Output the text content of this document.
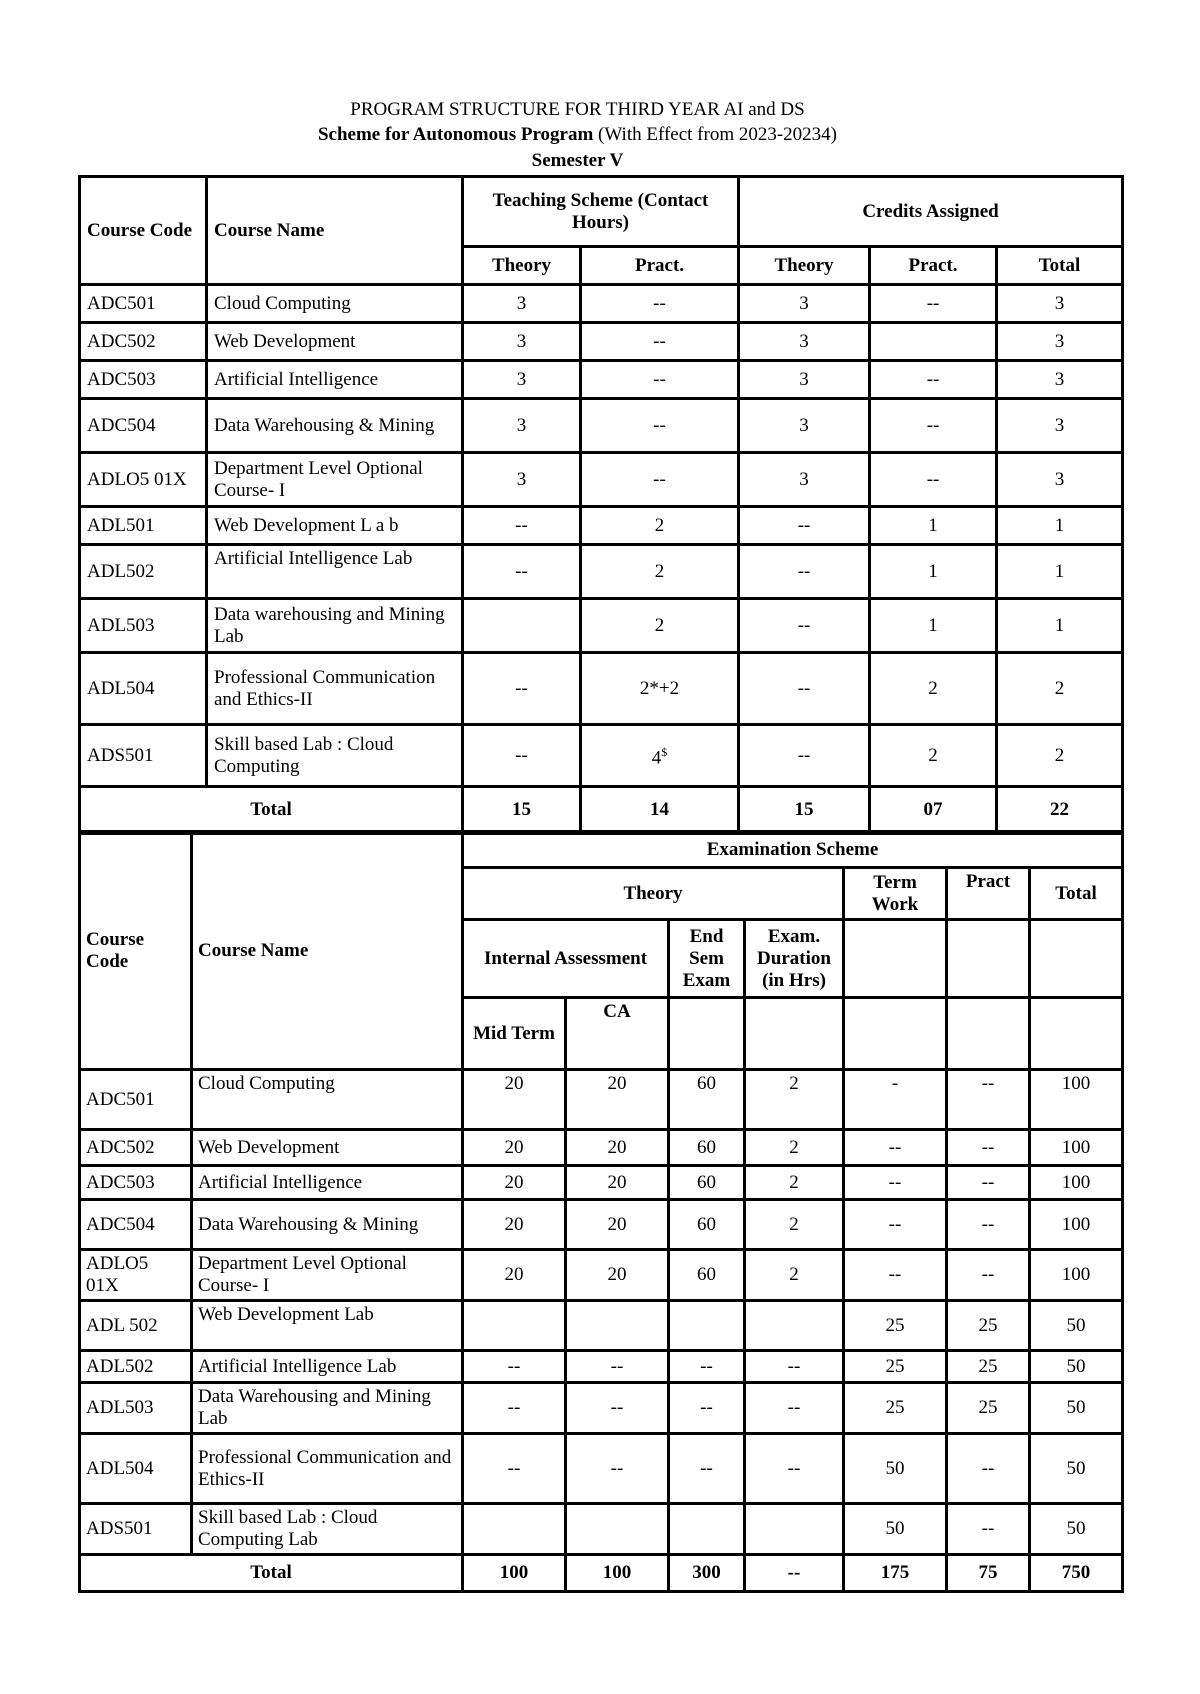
PROGRAM STRUCTURE FOR THIRD YEAR AI and DS
Scheme for Autonomous Program (With Effect from 2023-20234)
Semester V
Course Code	Course Name	Teaching Scheme (Contact Hours)		Credits Assigned		
		Theory	Pract.	Theory	Pract.	Total
ADC501	Cloud Computing	3	--	3	--	3
ADC502	Web Development	3	--	3		3
ADC503	Artificial Intelligence	3	--	3	--	3
ADC504	Data Warehousing & Mining	3	--	3	--	3
ADLO5 01X	Department Level Optional Course- I	3	--	3	--	3
ADL501	Web Development L a b	--	2	--	1	1
ADL502	Artificial Intelligence Lab	--	2	--	1	1
ADL503	Data warehousing and Mining Lab		2	--	1	1
ADL504	Professional Communication and Ethics-II	--	2*+2	--	2	2
ADS501	Skill based Lab : Cloud Computing	--	4$	--	2	2
Total		15	14	15	07	22
Course Code	Course Name	Examination Scheme						
		Theory				Term Work	Pract	Total
		Internal Assessment		End Sem Exam	Exam. Duration (in Hrs)			
		Mid Term	CA					
ADC501	Cloud Computing	20	20	60	2	-	--	100
ADC502	Web Development	20	20	60	2	--	--	100
ADC503	Artificial Intelligence	20	20	60	2	--	--	100
ADC504	Data Warehousing & Mining	20	20	60	2	--	--	100
ADLO5 01X	Department Level Optional Course- I	20	20	60	2	--	--	100
ADL 502	Web Development Lab					25	25	50
ADL502	Artificial Intelligence Lab	--	--	--	--	25	25	50
ADL503	Data Warehousing and Mining Lab	--	--	--	--	25	25	50
ADL504	Professional Communication and Ethics-II	--	--	--	--	50	--	50
ADS501	Skill based Lab : Cloud Computing Lab					50	--	50
Total		100	100	300	--	175	75	750
